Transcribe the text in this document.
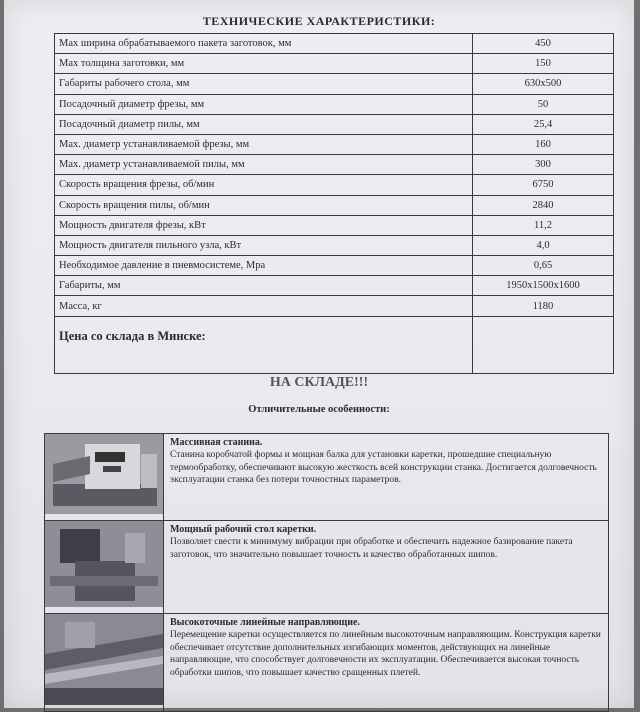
ТЕХНИЧЕСКИЕ ХАРАКТЕРИСТИКИ:
Мах ширина обрабатываемого пакета заготовок, мм	450
Мах толщина заготовки, мм	150
Габариты рабочего стола, мм	630х500
Посадочный диаметр фрезы, мм	50
Посадочный диаметр пилы, мм	25,4
Мах. диаметр устанавливаемой фрезы, мм	160
Мах. диаметр устанавливаемой пилы, мм	300
Скорость вращения фрезы, об/мин	6750
Скорость вращения пилы, об/мин	2840
Мощность двигателя фрезы, кВт	11,2
Мощность двигателя пильного узла, кВт	4,0
Необходимое давление в пневмосистеме, Мра	0,65
Габариты, мм	1950х1500х1600
Масса, кг	1180
Цена со склада в Минске:	
НА СКЛАДЕ!!!
Отличительные особенности:

Массивная станина.
Станина коробчатой формы и мощная балка для установки каретки, прошедшие специальную термообработку, обеспечивают высокую жесткость всей конструкции станка. Достигается долговечность эксплуатации станка без потери точностных параметров.

Мощный рабочий стол каретки.
Позволяет свести к минимуму вибрации при обработке и обеспечить надежное базирование пакета заготовок, что значительно повышает точность и качество обработанных шипов.

Высокоточные линейные направляющие.
Перемещение каретки осуществляется по линейным высокоточным направляющим. Конструкция каретки обеспечивает отсутствие дополнительных изгибающих моментов, действующих на линейные направляющие, что способствует долговечности их эксплуатации. Обеспечивается высокая точность обработки шипов, что повышает качество сращенных плетей.
